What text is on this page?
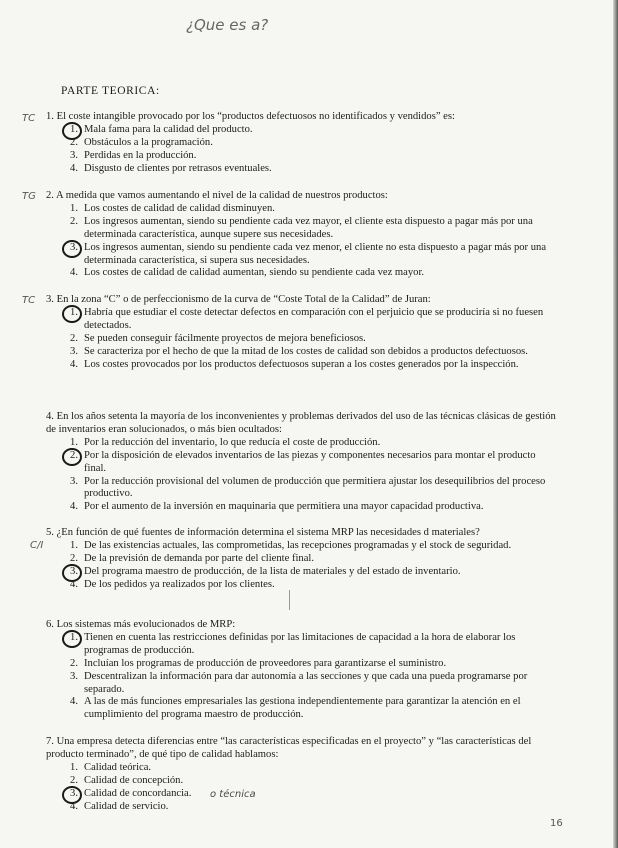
¿Que es a?
PARTE TEORICA:
TC
TG
TC
C/I

1. El coste intangible provocado por los “productos defectuosos no identificados y vendidos” es:

1. Mala fama para la calidad del producto.
2. Obstáculos a la programación.
3. Perdidas en la producción.
4. Disgusto de clientes por retrasos eventuales.

2. A medida que vamos aumentando el nivel de la calidad de nuestros productos:

1. Los costes de calidad de calidad disminuyen.
2. Los ingresos aumentan, siendo su pendiente cada vez mayor, el cliente esta dispuesto a pagar más por una determinada característica, aunque supere sus necesidades.
3. Los ingresos aumentan, siendo su pendiente cada vez menor, el cliente no esta dispuesto a pagar más por una determinada característica, si supera sus necesidades.
4. Los costes de calidad de calidad aumentan, siendo su pendiente cada vez mayor.

3. En la zona “C” o de perfeccionismo de la curva de “Coste Total de la Calidad” de Juran:

1. Habría que estudiar el coste detectar defectos en comparación con el perjuicio que se produciría si no fuesen detectados.
2. Se pueden conseguir fácilmente proyectos de mejora beneficiosos.
3. Se caracteriza por el hecho de que la mitad de los costes de calidad son debidos a productos defectuosos.
4. Los costes provocados por los productos defectuosos superan a los costes generados por la inspección.

4. En los años setenta la mayoría de los inconvenientes y problemas derivados del uso de las técnicas clásicas de gestión de inventarios eran solucionados, o más bien ocultados:

1. Por la reducción del inventario, lo que reducía el coste de producción.
2. Por la disposición de elevados inventarios de las piezas y componentes necesarios para montar el producto final.
3. Por la reducción provisional del volumen de producción que permitiera ajustar los desequilibrios del proceso productivo.
4. Por el aumento de la inversión en maquinaria que permitiera una mayor capacidad productiva.

5. ¿En función de qué fuentes de información determina el sistema MRP las necesidades d materiales?

1. De las existencias actuales, las comprometidas, las recepciones programadas y el stock de seguridad.
2. De la previsión de demanda por parte del cliente final.
3. Del programa maestro de producción, de la lista de materiales y del estado de inventario.
4. De los pedidos ya realizados por los clientes.

6. Los sistemas más evolucionados de MRP:

1. Tienen en cuenta las restricciones definidas por las limitaciones de capacidad a la hora de elaborar los programas de producción.
2. Incluían los programas de producción de proveedores para garantizarse el suministro.
3. Descentralizan la información para dar autonomía a las secciones y que cada una pueda programarse por separado.
4. A las de más funciones empresariales las gestiona independientemente para garantizar la atención en el cumplimiento del programa maestro de producción.

7. Una empresa detecta diferencias entre “las características especificadas en el proyecto” y “las características del producto terminado”, de qué tipo de calidad hablamos:

1. Calidad teórica.
2. Calidad de concepción.
3. Calidad de concordancia.
4. Calidad de servicio.
o técnica
16
